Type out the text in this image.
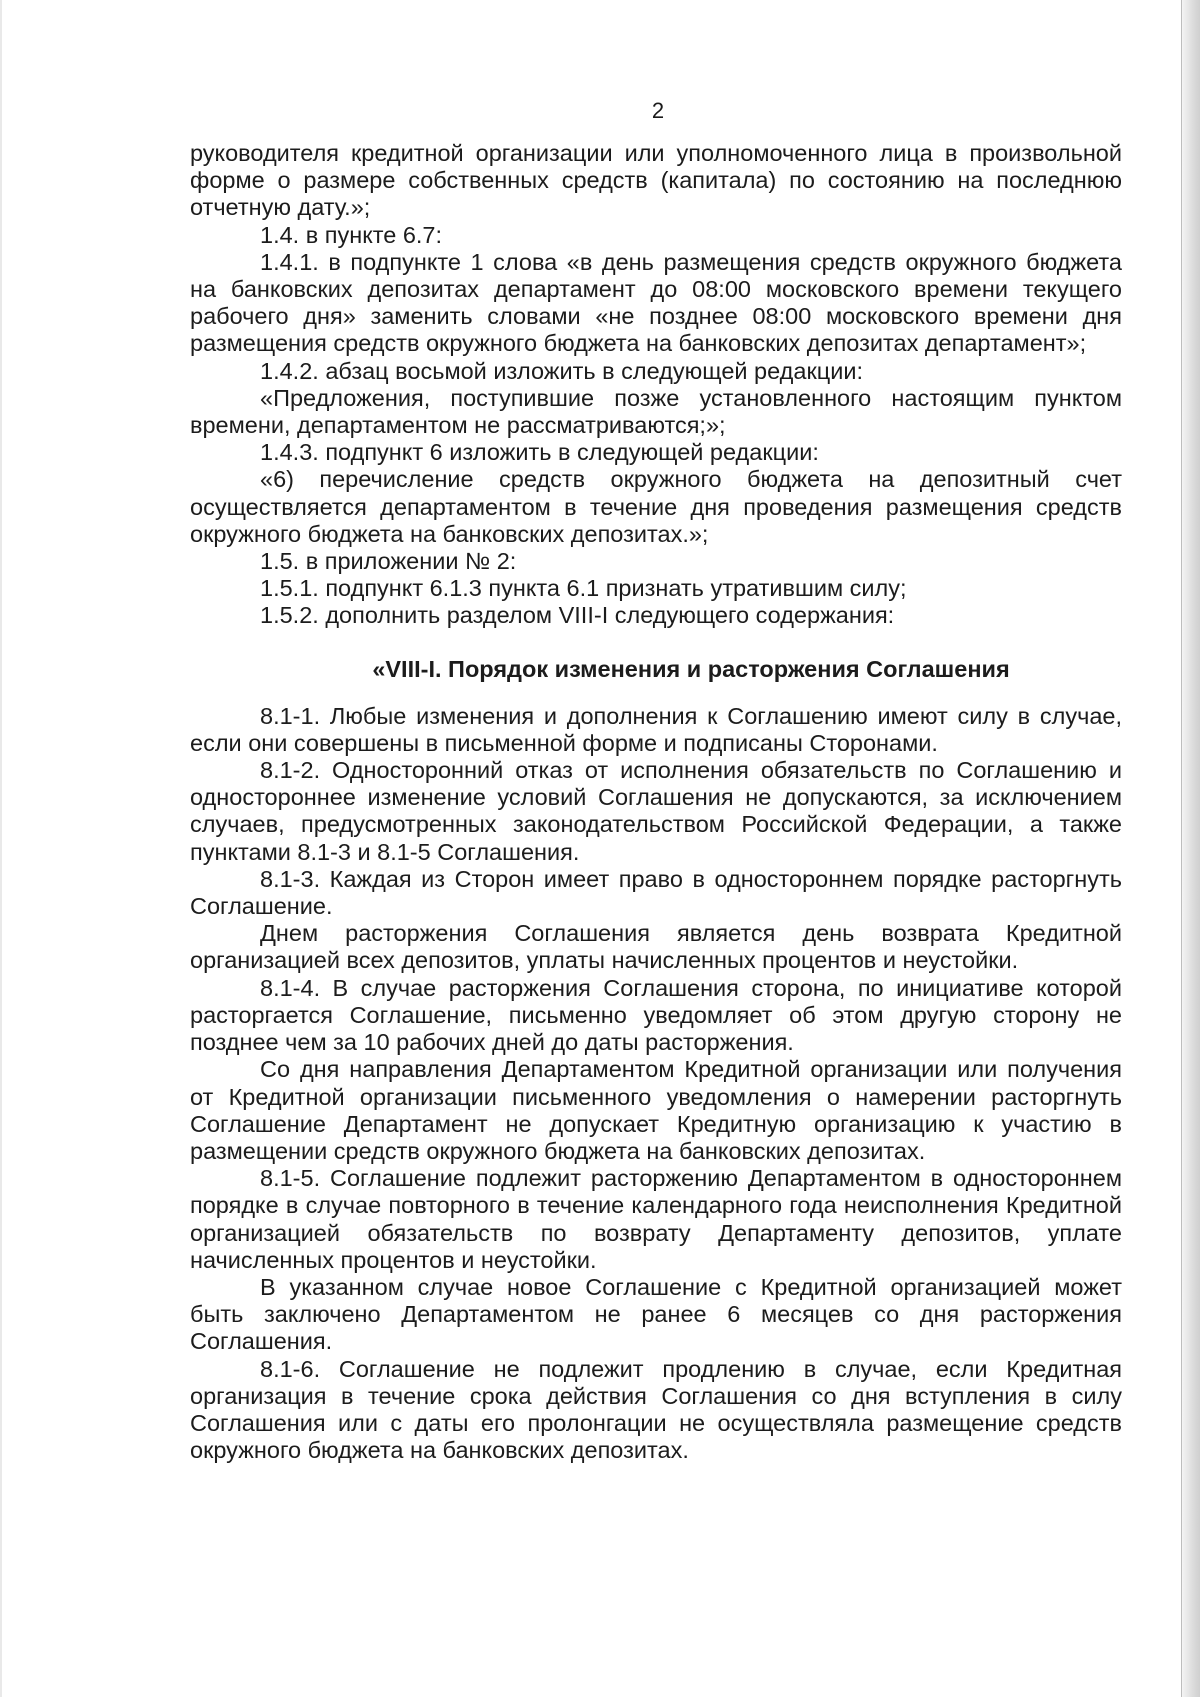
2

руководителя кредитной организации или уполномоченного лица в произвольной форме о размере собственных средств (капитала) по состоянию на последнюю отчетную дату.»;

1.4. в пункте 6.7:

1.4.1. в подпункте 1 слова «в день размещения средств окружного бюджета на банковских депозитах департамент до 08:00 московского времени текущего рабочего дня» заменить словами «не позднее 08:00 московского времени дня размещения средств окружного бюджета на банковских депозитах департамент»;

1.4.2. абзац восьмой изложить в следующей редакции:

«Предложения, поступившие позже установленного настоящим пунктом времени, департаментом не рассматриваются;»;

1.4.3. подпункт 6 изложить в следующей редакции:

«6) перечисление средств окружного бюджета на депозитный счет осуществляется департаментом в течение дня проведения размещения средств окружного бюджета на банковских депозитах.»;

1.5. в приложении № 2:

1.5.1. подпункт 6.1.3 пункта 6.1 признать утратившим силу;

1.5.2. дополнить разделом VIII-I следующего содержания:

«VIII-I. Порядок изменения и расторжения Соглашения

8.1-1. Любые изменения и дополнения к Соглашению имеют силу в случае, если они совершены в письменной форме и подписаны Сторонами.

8.1-2. Односторонний отказ от исполнения обязательств по Соглашению и одностороннее изменение условий Соглашения не допускаются, за исключением случаев, предусмотренных законодательством Российской Федерации, а также пунктами 8.1-3 и 8.1-5 Соглашения.

8.1-3. Каждая из Сторон имеет право в одностороннем порядке расторгнуть Соглашение.

Днем расторжения Соглашения является день возврата Кредитной организацией всех депозитов, уплаты начисленных процентов и неустойки.

8.1-4. В случае расторжения Соглашения сторона, по инициативе которой расторгается Соглашение, письменно уведомляет об этом другую сторону не позднее чем за 10 рабочих дней до даты расторжения.

Со дня направления Департаментом Кредитной организации или получения от Кредитной организации письменного уведомления о намерении расторгнуть Соглашение Департамент не допускает Кредитную организацию к участию в размещении средств окружного бюджета на банковских депозитах.

8.1-5. Соглашение подлежит расторжению Департаментом в одностороннем порядке в случае повторного в течение календарного года неисполнения Кредитной организацией обязательств по возврату Департаменту депозитов, уплате начисленных процентов и неустойки.

В указанном случае новое Соглашение с Кредитной организацией может быть заключено Департаментом не ранее 6 месяцев со дня расторжения Соглашения.

8.1-6. Соглашение не подлежит продлению в случае, если Кредитная организация в течение срока действия Соглашения со дня вступления в силу Соглашения или с даты его пролонгации не осуществляла размещение средств окружного бюджета на банковских депозитах.
